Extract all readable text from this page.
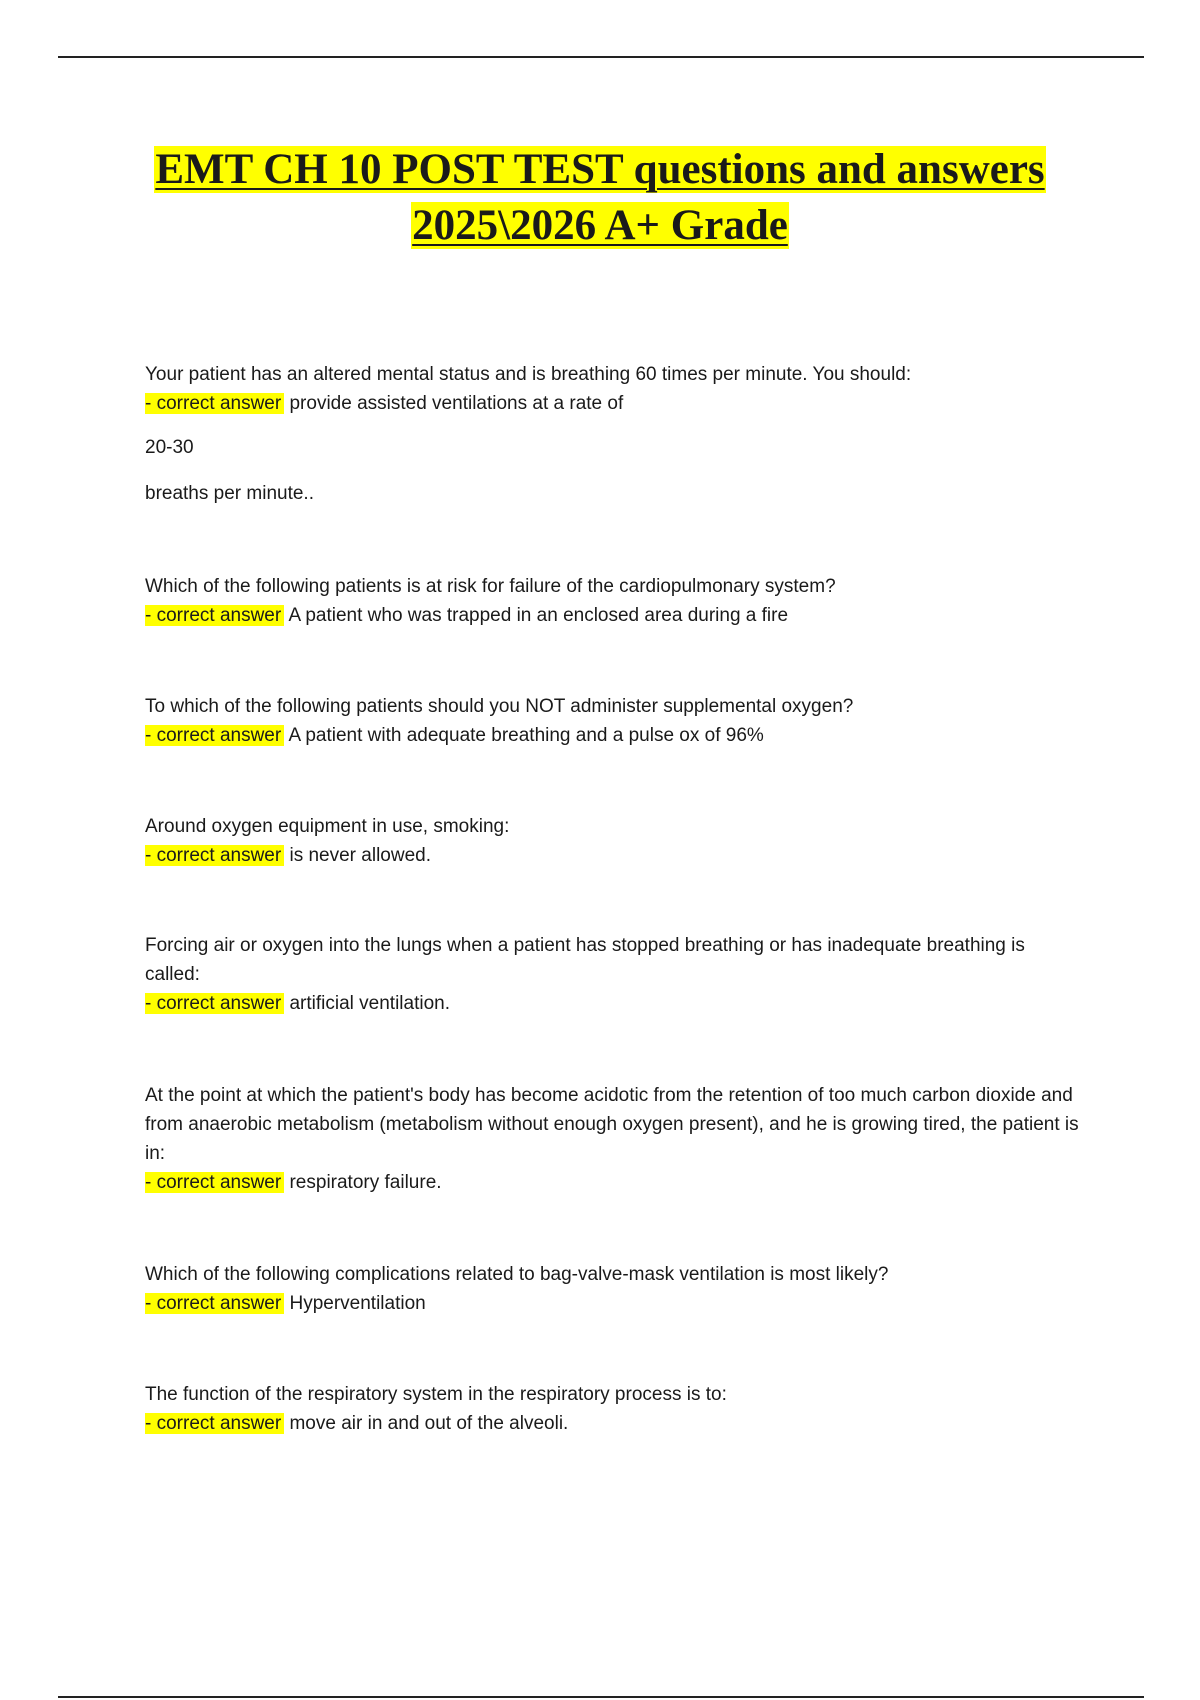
EMT CH 10 POST TEST questions and answers
2025\2026 A+ Grade
Your patient has an altered mental status and is breathing 60 times per minute. You should:
- correct answer provide assisted ventilations at a rate of
20-30
breaths per minute..
Which of the following patients is at risk for failure of the cardiopulmonary system?
- correct answer A patient who was trapped in an enclosed area during a fire
To which of the following patients should you NOT administer supplemental oxygen?
- correct answer A patient with adequate breathing and a pulse ox of 96%
Around oxygen equipment in use, smoking:
- correct answer is never allowed.
Forcing air or oxygen into the lungs when a patient has stopped breathing or has inadequate breathing is called:
- correct answer artificial ventilation.
At the point at which the patient's body has become acidotic from the retention of too much carbon dioxide and from anaerobic metabolism (metabolism without enough oxygen present), and he is growing tired, the patient is in:
- correct answer respiratory failure.
Which of the following complications related to bag-valve-mask ventilation is most likely?
- correct answer Hyperventilation
The function of the respiratory system in the respiratory process is to:
- correct answer move air in and out of the alveoli.
